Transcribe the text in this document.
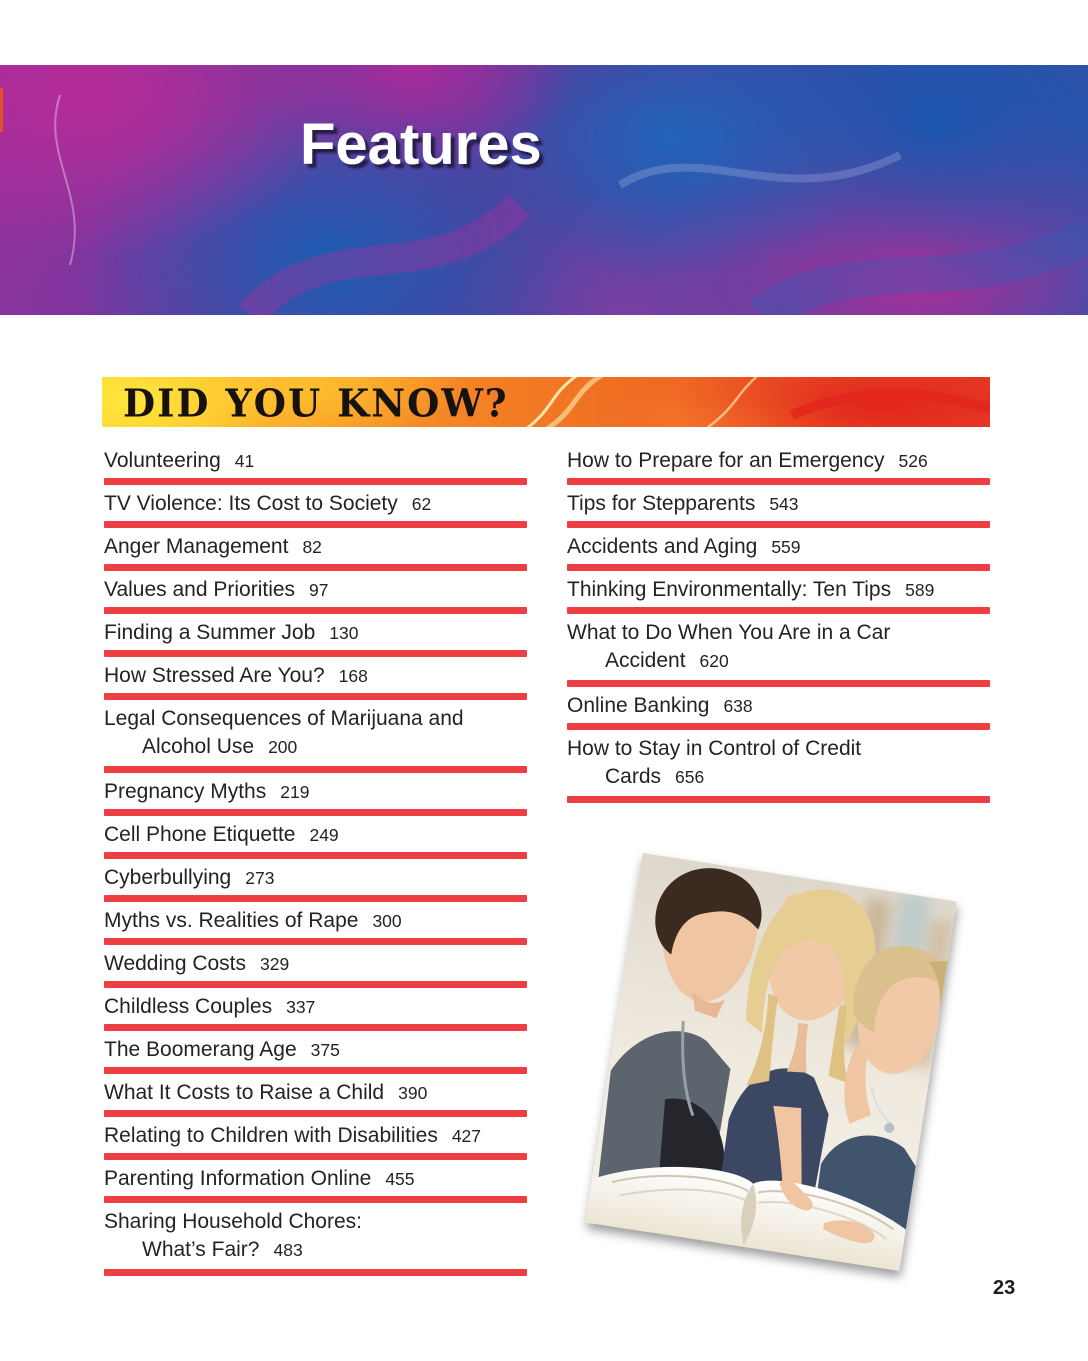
Features
DID YOU KNOW?
Volunteering 41
TV Violence: Its Cost to Society 62
Anger Management 82
Values and Priorities 97
Finding a Summer Job 130
How Stressed Are You? 168
Legal Consequences of Marijuana and
Alcohol Use 200
Pregnancy Myths 219
Cell Phone Etiquette 249
Cyberbullying 273
Myths vs. Realities of Rape 300
Wedding Costs 329
Childless Couples 337
The Boomerang Age 375
What It Costs to Raise a Child 390
Relating to Children with Disabilities 427
Parenting Information Online 455
Sharing Household Chores:
What’s Fair? 483
How to Prepare for an Emergency 526
Tips for Stepparents 543
Accidents and Aging 559
Thinking Environmentally: Ten Tips 589
What to Do When You Are in a Car
Accident 620
Online Banking 638
How to Stay in Control of Credit
Cards 656
23
